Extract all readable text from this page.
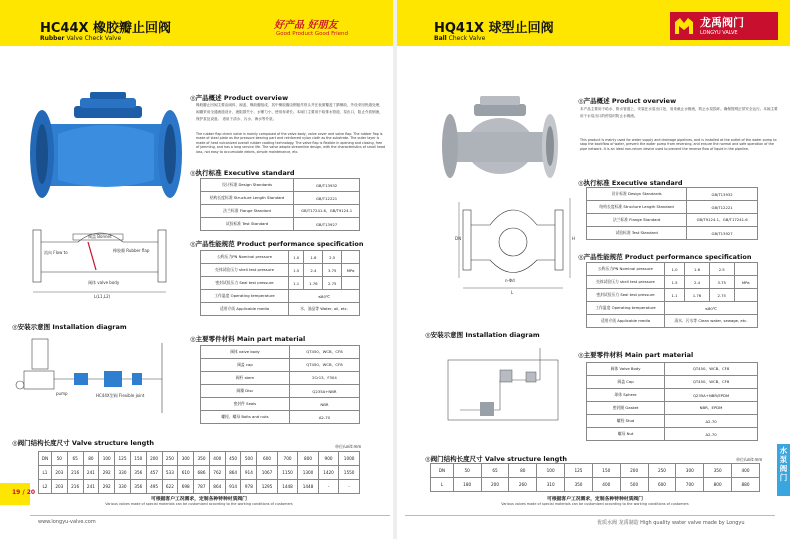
HC44X 橡胶瓣止回阀
Rubber Valve Check Valve
好产品 好朋友
Good Product Good Friend	HQ41X 球型止回阀
Ball Check Valve
龙禹阀门
LONGYU VALVE
阀盖 Bonnet
橡胶瓣 Rubber flap
流向 Flow to
阀体 valve body
L(L1,L2)
◎安装示意图 Installation diagram
HC44X型阀 Flexible joint
pump
◎产品概述 Product overview
橡胶瓣止回阀主要由阀体、阀盖、橡胶瓣组成，其中橡胶瓣由钢板作骨头并在表面覆盖丁腈橡胶，外设采用热熔处理，阀瓣采用全通流道设计，流阻损失小，水锤力小，使用寿命长。本阀门主要用于给排水管道、泵出口，阻止介质倒流，保护泵及设备。 适用于清水、污水、海水等介质。
The rubber flap check valve is mainly composed of the valve body, valve cover and valve flap. The rubber flap is made of steel plate as the pressure bearing part and reinforced nylon cloth as the substrate. The outer layer is made of heat vulcanized overall rubber coating technology. The valve flap is flexible in opening and closing, free of jamming, and has a long service life. The valve adopts streamline design, with the characteristics of small head loss, not easy to accumulate debris, simple maintenance, etc.
◎执行标准 Executive standard
设计标准 Design Standards	GB/T13932
结构长度标准 Structure Length Standard	GB/T12221
法兰标准 Flange Standard	GB/T17241.6、GB/T9124.1
试验标准 Test Standard	GB/T13927
◎产品性能规范 Product performance specification
公称压力PN Nominal pressure	1.0	1.6	2.5	
壳体试验压力 shell test pressure	1.5	2.4	3.75	MPa
密封试验压力 Seal test pressure	1.1	1.76	2.75	
工作温度 Operating temperature	≤80℃			
适用介质 Applicable media	水、油品等 Water, oil, etc.			
◎主要零件材料 Main part material
阀体 valve body	QT450、WCB、CF8
阀盖 cap	QT450、WCB、CF8
阀杆 stem	2Cr13、F304
阀瓣 Disc	Q235A+NBR
密封件 Seals	NBR
螺栓、螺母 Bolts and nuts	A2-70
◎阀门结构长度尺寸 Valve structure length	单位/unit:mm
DN	50	65	80	100	125	150	200	250	300	350	400	450	500	600	700	800	900	1000
L1	203	216	241	292	330	356	457	533	610	686	762	864	914	1067	1150	1300	1420	1550
L2	203	216	241	292	330	356	495	622	698	787	864	914	978	1295	1448	1448	-	-
可根据客户工况需求，定制各种特种材质阀门
Various valves made of special materials can be customized according to the working conditions of customers
19 / 20
www.longyu-valve.com
DN	H
L
n-Φd
◎安装示意图 Installation diagram
◎产品概述 Product overview
本产品主要用于给水、排水管道上，安装在水泵出口处，用来截止水倒流，防止水泵损坏。确保管网正常安全运行。本阀主要用于水泵出口的停泵时防止水倒流。
This product is mainly used for water supply and drainage pipelines, and is installed at the outlet of the water pump to stop the backflow of water, prevent the water pump from reversing, and ensure the normal and safe operation of the pipe network. It is an ideal non-return device used to prevent the reverse flow of liquid in the pipeline.
◎执行标准 Executive standard
设计标准 Design Standards	GB/T13932
结构长度标准 Structure Length Standard	GB/T12221
法兰标准 Flange Standard	GB/T9124.1、GB/T17241.6
试验标准 Test Standard	GB/T13927
◎产品性能规范 Product performance specification
公称压力PN Nominal pressure	1.0	1.6	2.5	
壳体试验压力 shell test pressure	1.5	2.4	3.75	MPa
密封试验压力 Seal test pressure	1.1	1.76	2.75	
工作温度 Operating temperature	≤80℃			
适用介质 Applicable media	清水、污水等 Clean water, sewage, etc.			
◎主要零件材料 Main part material
阀体 Valve Body	QT450、WCB、CF8
阀盖 Cap	QT450、WCB、CF8
球体 Sphere	Q235A+NBR/EPDM
密封圈 Gasket	NBR、EPDM
螺栓 Stud	A2-70
螺母 Nut	A2-70
◎阀门结构长度尺寸 Valve structure length	单位/unit:mm
DN	50	65	80	100	125	150	200	250	300	350	400
L	180	200	260	310	350	400	500	600	700	800	880
可根据客户工况需求，定制各种特种材质阀门
Various valves made of special materials can be customized according to the working conditions of customers
水泵阀门
优质水阀 龙禹制造 High quality water valve made by Longyu
